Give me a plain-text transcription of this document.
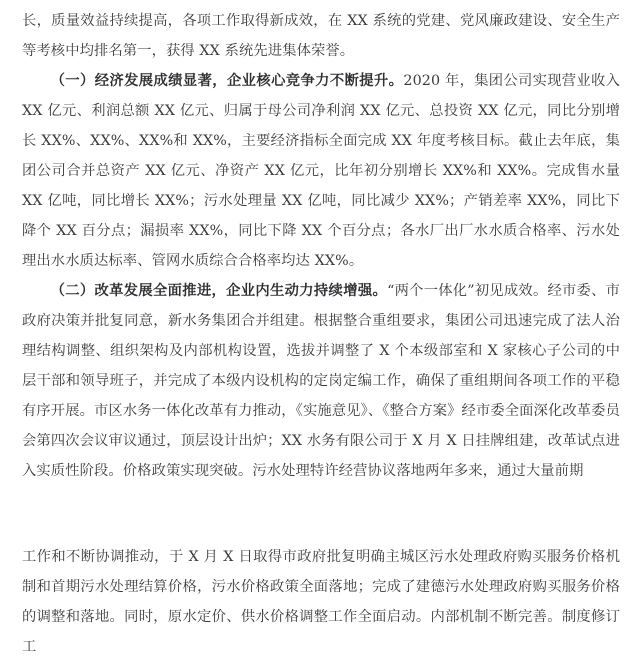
长，质量效益持续提高，各项工作取得新成效，在 XX 系统的党建、党风廉政建设、安全生产等考核中均排名第一，获得 XX 系统先进集体荣誉。

（一）经济发展成绩显著，企业核心竞争力不断提升。2020 年，集团公司实现营业收入 XX 亿元、利润总额 XX 亿元、归属于母公司净利润 XX 亿元、总投资 XX 亿元，同比分别增长 XX%、XX%、XX%和 XX%，主要经济指标全面完成 XX 年度考核目标。截止去年底，集团公司合并总资产 XX 亿元、净资产 XX 亿元，比年初分别增长 XX%和 XX%。完成售水量 XX 亿吨，同比增长 XX%；污水处理量 XX 亿吨，同比减少 XX%；产销差率 XX%，同比下降个 XX 百分点；漏损率 XX%，同比下降 XX 个百分点；各水厂出厂水水质合格率、污水处理出水水质达标率、管网水质综合合格率均达 XX%。

（二）改革发展全面推进，企业内生动力持续增强。“两个一体化”初见成效。经市委、市政府决策并批复同意，新水务集团合并组建。根据整合重组要求，集团公司迅速完成了法人治理结构调整、组织架构及内部机构设置，选拔并调整了 X 个本级部室和 X 家核心子公司的中层干部和领导班子，并完成了本级内设机构的定岗定编工作，确保了重组期间各项工作的平稳有序开展。市区水务一体化改革有力推动，《实施意见》、《整合方案》经市委全面深化改革委员会第四次会议审议通过，顶层设计出炉；XX 水务有限公司于 X 月 X 日挂牌组建，改革试点进入实质性阶段。价格政策实现突破。污水处理特许经营协议落地两年多来，通过大量前期

工作和不断协调推动，于 X 月 X 日取得市政府批复明确主城区污水处理政府购买服务价格机制和首期污水处理结算价格，污水价格政策全面落地；完成了建德污水处理政府购买服务价格的调整和落地。同时，原水定价、供水价格调整工作全面启动。内部机制不断完善。制度修订工
